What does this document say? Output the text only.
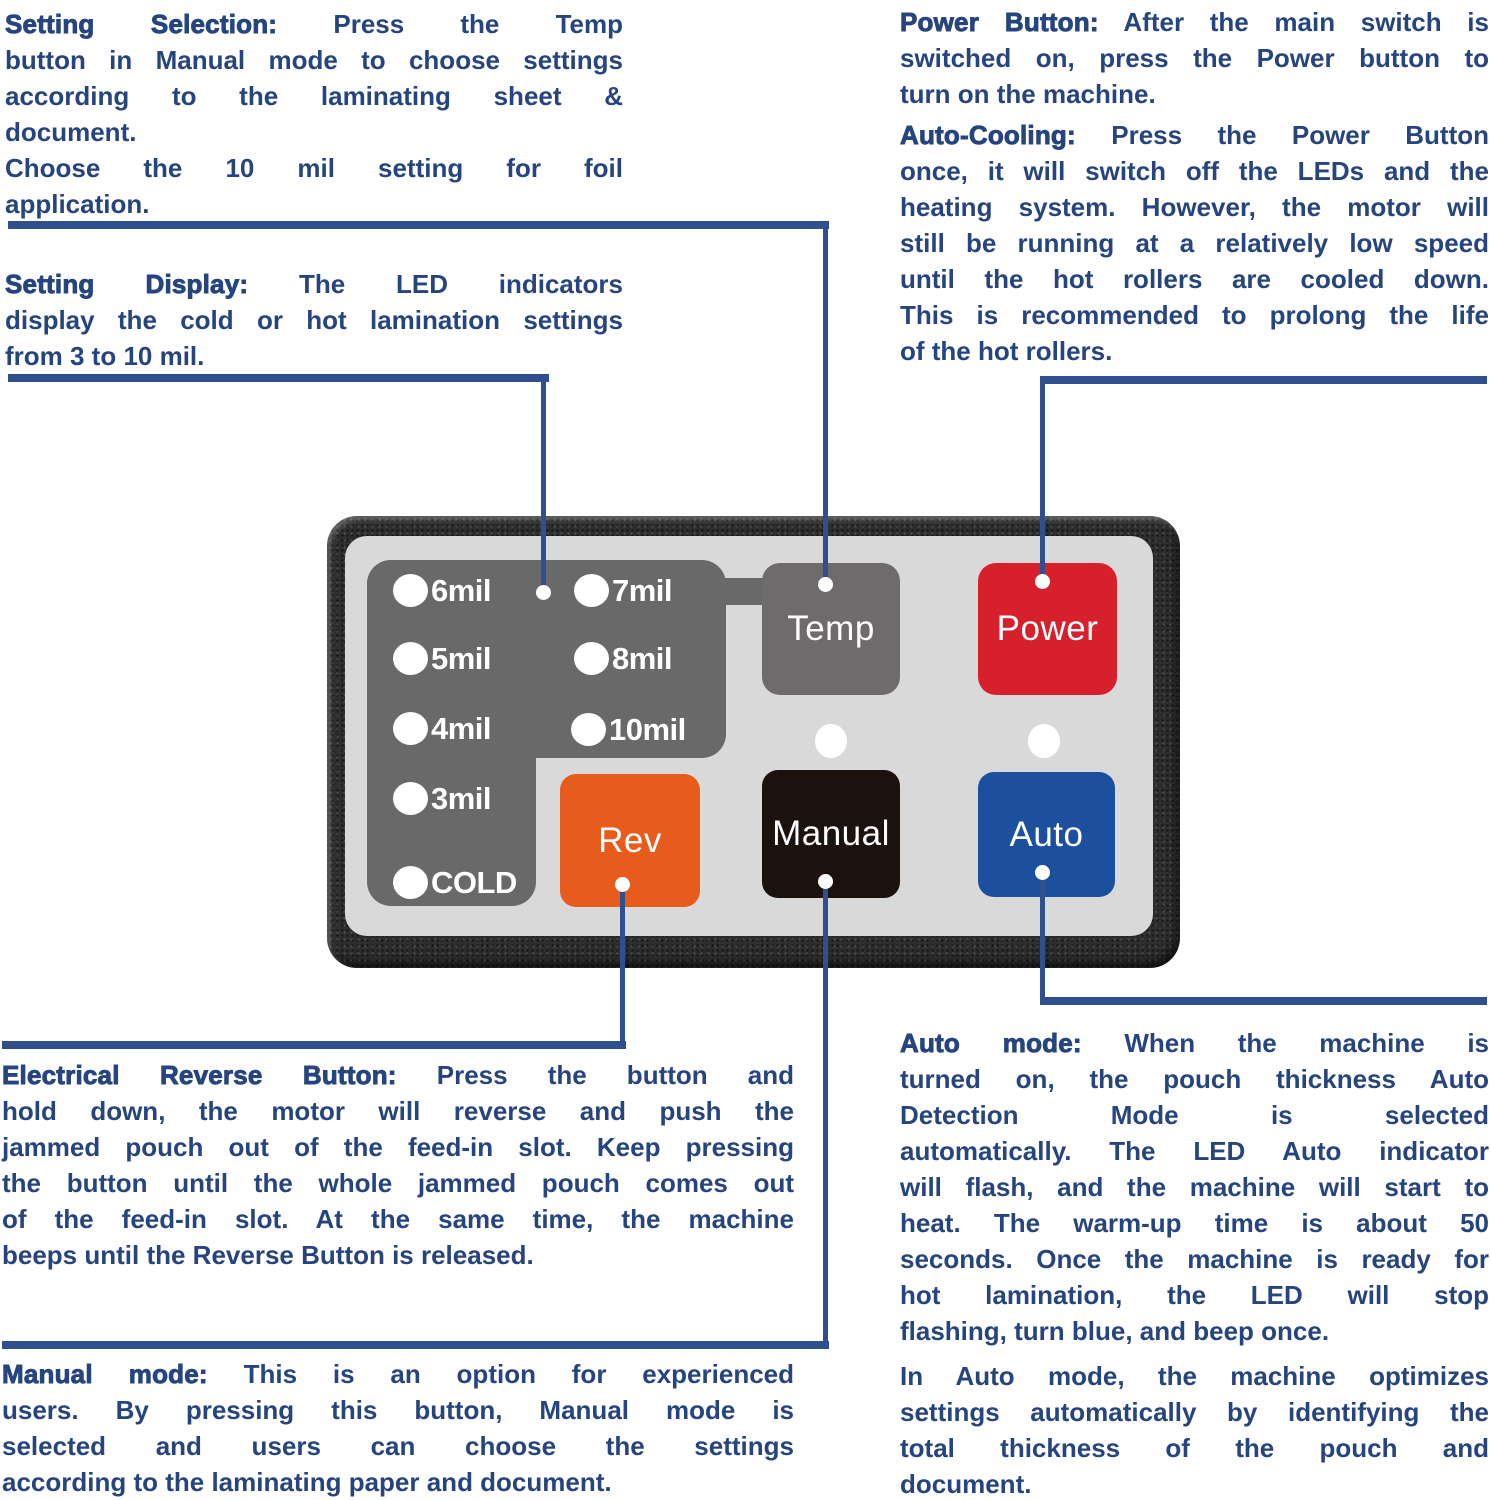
Setting Selection: Press the Temp
button in Manual mode to choose settings
according to the laminating sheet &
document.
Choose the 10 mil setting for foil
application.
Setting Display: The LED indicators
display the cold or hot lamination settings
from 3 to 10 mil.
Power Button: After the main switch is
switched on, press the Power button to
turn on the machine.
Auto-Cooling: Press the Power Button
once, it will switch off the LEDs and the
heating system. However, the motor will
still be running at a relatively low speed
until the hot rollers are cooled down.
This is recommended to prolong the life
of the hot rollers.
Electrical Reverse Button: Press the button and
hold down, the motor will reverse and push the
jammed pouch out of the feed-in slot. Keep pressing
the button until the whole jammed pouch comes out
of the feed-in slot. At the same time, the machine
beeps until the Reverse Button is released.
Manual mode: This is an option for experienced
users. By pressing this button, Manual mode is
selected and users can choose the settings
according to the laminating paper and document.
Auto mode: When the machine is
turned on, the pouch thickness Auto
Detection Mode is selected
automatically. The LED Auto indicator
will flash, and the machine will start to
heat. The warm-up time is about 50
seconds. Once the machine is ready for
hot lamination, the LED will stop
flashing, turn blue, and beep once.
In Auto mode, the machine optimizes
settings automatically by identifying the
total thickness of the pouch and
document.
6mil
5mil
4mil
3mil
COLD
7mil
8mil
10mil
Temp	Power
Rev	Manual	Auto
